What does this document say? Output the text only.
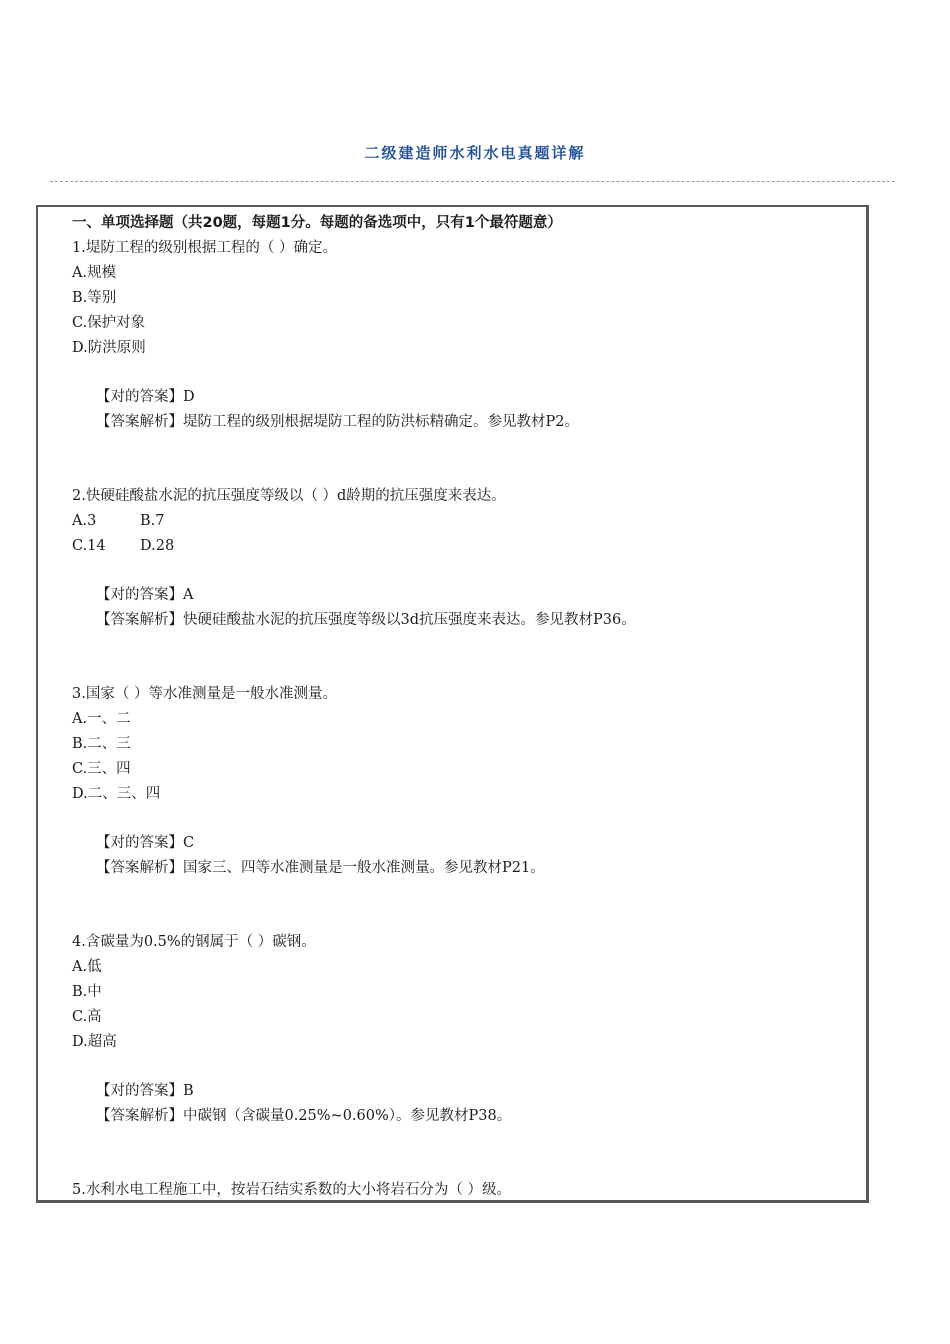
二级建造师水利水电真题详解
一、单项选择题（共20题，每题1分。每题的备选项中，只有1个最符题意）
1.堤防工程的级别根据工程的（ ）确定。
A.规模
B.等别
C.保护对象
D.防洪原则
【对的答案】D
【答案解析】堤防工程的级别根据堤防工程的防洪标精确定。参见教材P2。
2.快硬硅酸盐水泥的抗压强度等级以（ ）d龄期的抗压强度来表达。
A.3	B.7
C.14 D.28
【对的答案】A
【答案解析】快硬硅酸盐水泥的抗压强度等级以3d抗压强度来表达。参见教材P36。
3.国家（ ）等水准测量是一般水准测量。
A.一、二
B.二、三
C.三、四
D.二、三、四
【对的答案】C
【答案解析】国家三、四等水准测量是一般水准测量。参见教材P21。
4.含碳量为0.5%的钢属于（ ）碳钢。
A.低
B.中
C.高
D.超高
【对的答案】B
【答案解析】中碳钢（含碳量0.25%~0.60%）。参见教材P38。
5.水利水电工程施工中，按岩石结实系数的大小将岩石分为（ ）级。
